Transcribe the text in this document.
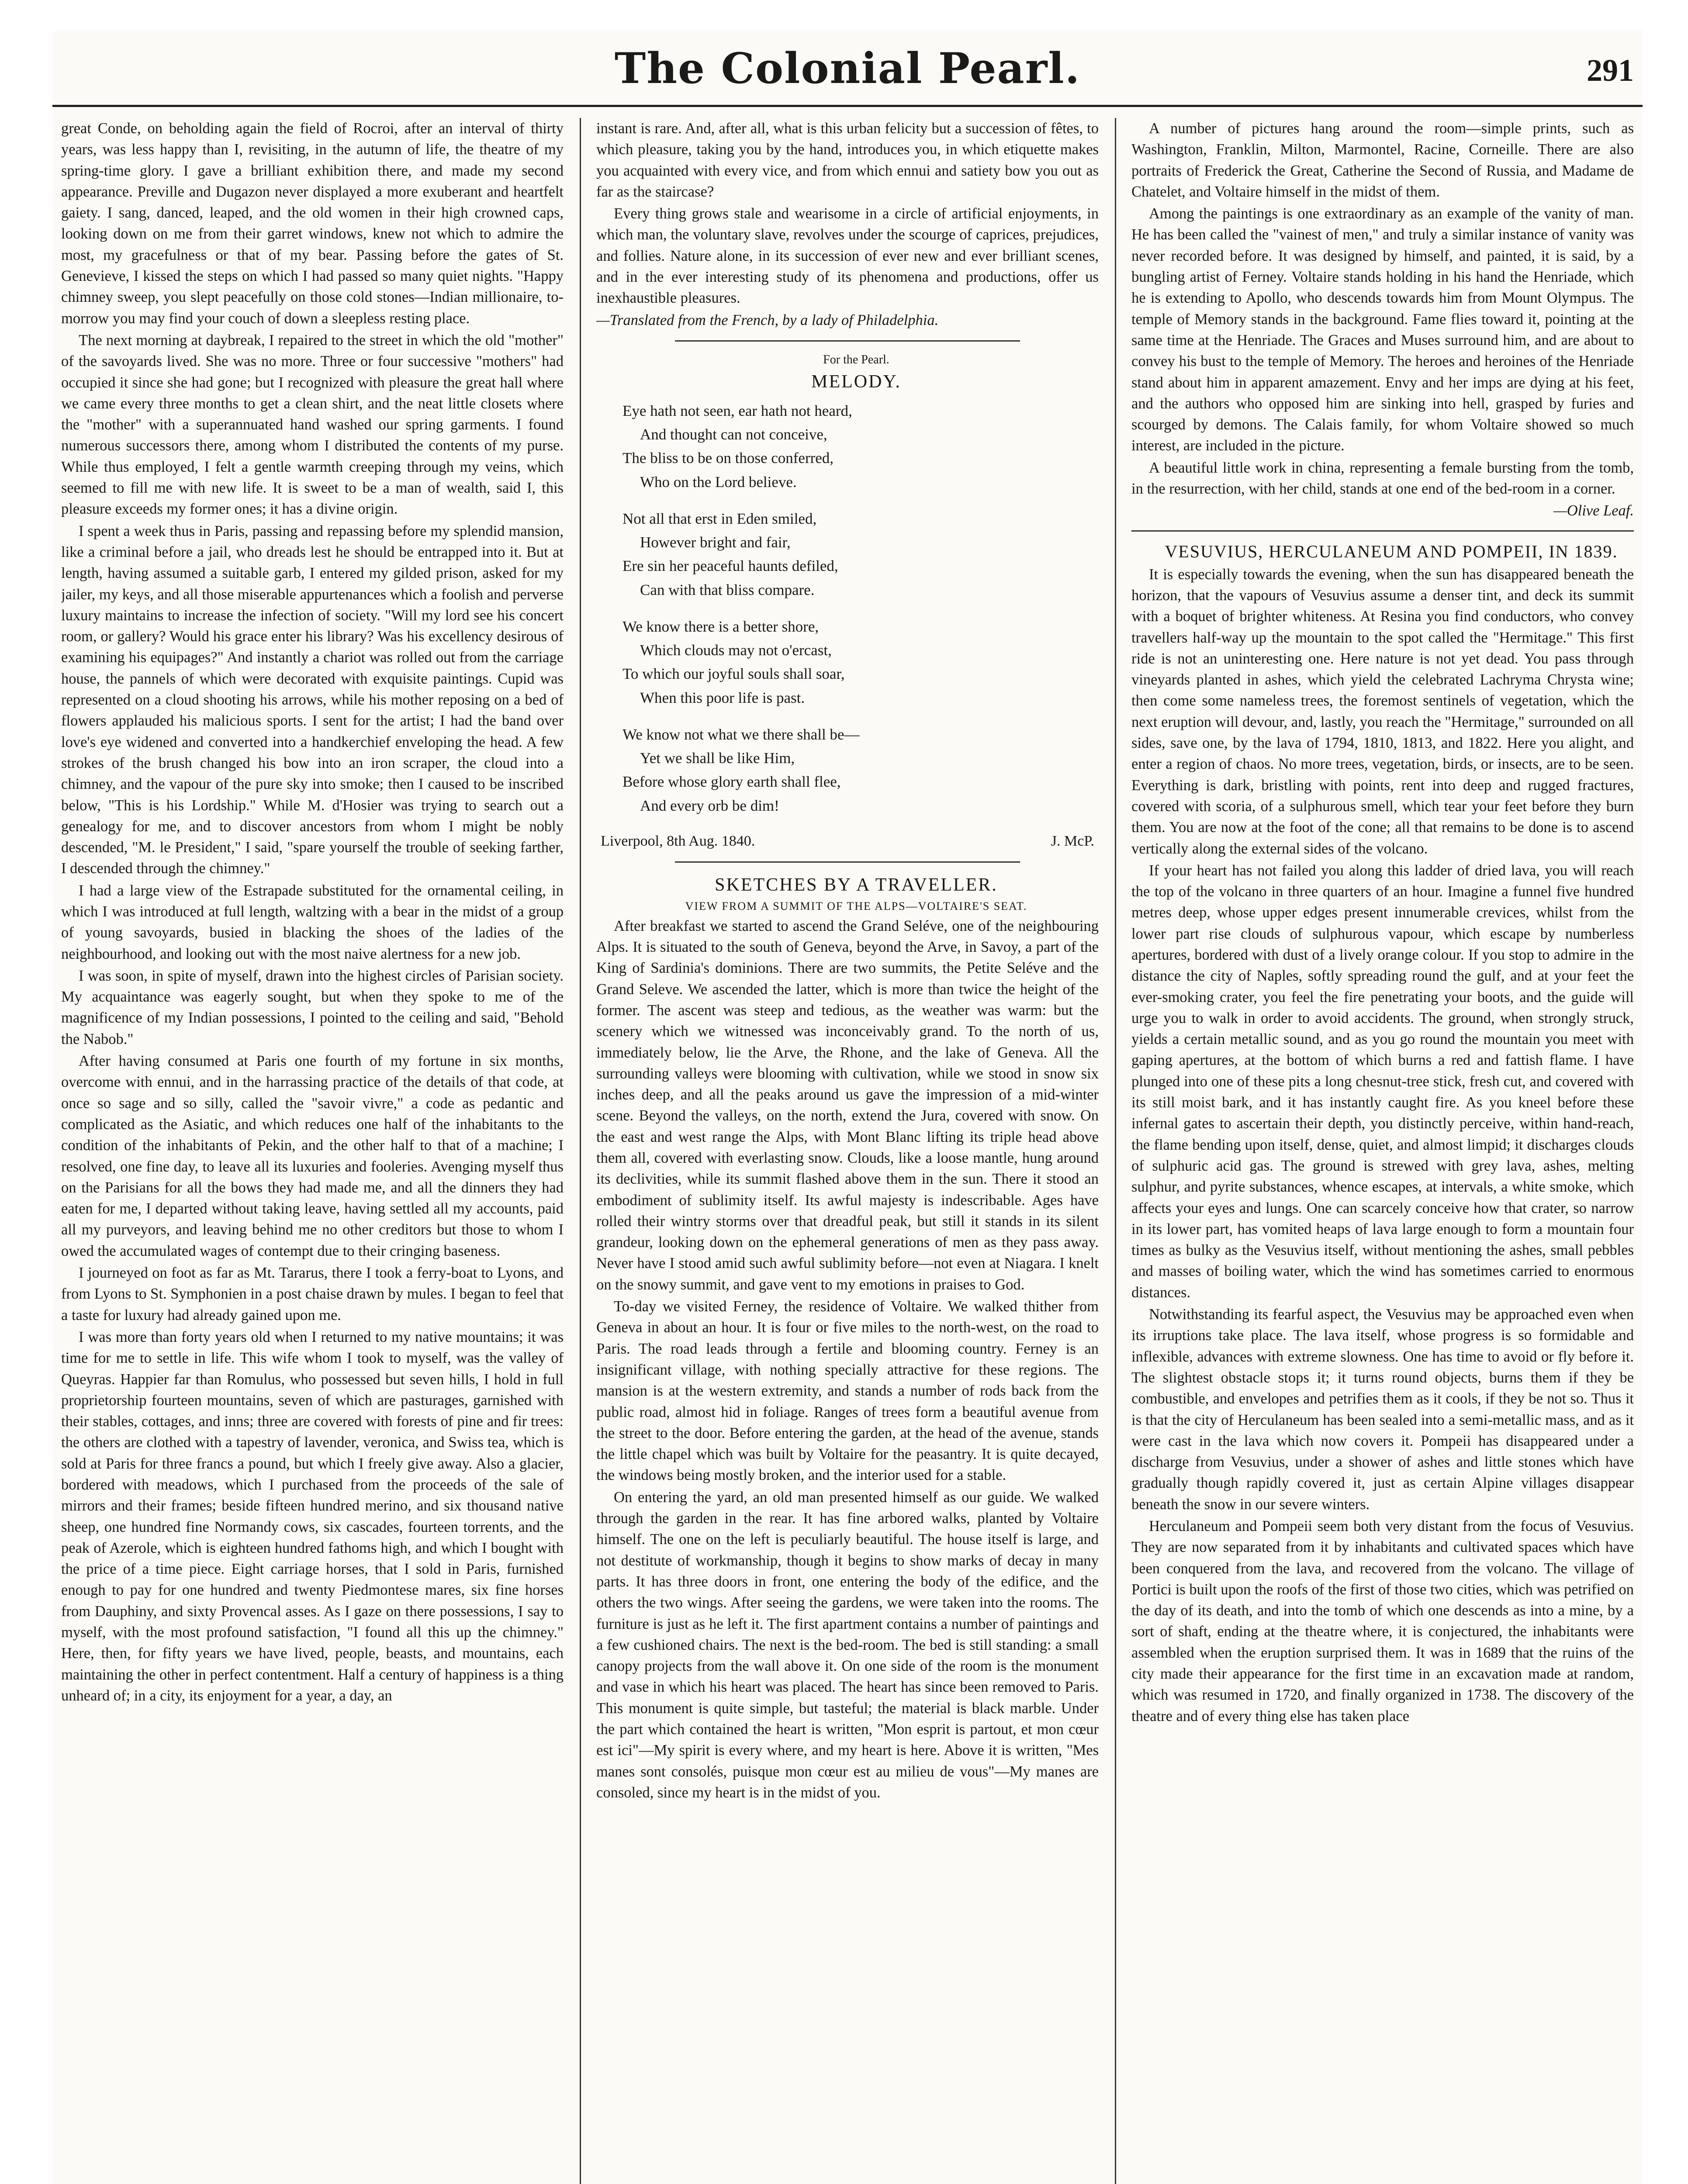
The Colonial Pearl.	291

great Conde, on beholding again the field of Rocroi, after an interval of thirty years, was less happy than I, revisiting, in the autumn of life, the theatre of my spring-time glory. I gave a brilliant exhibition there, and made my second appearance. Preville and Dugazon never displayed a more exuberant and heartfelt gaiety. I sang, danced, leaped, and the old women in their high crowned caps, looking down on me from their garret windows, knew not which to admire the most, my gracefulness or that of my bear. Passing before the gates of St. Genevieve, I kissed the steps on which I had passed so many quiet nights. "Happy chimney sweep, you slept peacefully on those cold stones—Indian millionaire, to-morrow you may find your couch of down a sleepless resting place.

The next morning at daybreak, I repaired to the street in which the old "mother" of the savoyards lived. She was no more. Three or four successive "mothers" had occupied it since she had gone; but I recognized with pleasure the great hall where we came every three months to get a clean shirt, and the neat little closets where the "mother" with a superannuated hand washed our spring garments. I found numerous successors there, among whom I distributed the contents of my purse. While thus employed, I felt a gentle warmth creeping through my veins, which seemed to fill me with new life. It is sweet to be a man of wealth, said I, this pleasure exceeds my former ones; it has a divine origin.

I spent a week thus in Paris, passing and repassing before my splendid mansion, like a criminal before a jail, who dreads lest he should be entrapped into it. But at length, having assumed a suitable garb, I entered my gilded prison, asked for my jailer, my keys, and all those miserable appurtenances which a foolish and perverse luxury maintains to increase the infection of society. "Will my lord see his concert room, or gallery? Would his grace enter his library? Was his excellency desirous of examining his equipages?" And instantly a chariot was rolled out from the carriage house, the pannels of which were decorated with exquisite paintings. Cupid was represented on a cloud shooting his arrows, while his mother reposing on a bed of flowers applauded his malicious sports. I sent for the artist; I had the band over love's eye widened and converted into a handkerchief enveloping the head. A few strokes of the brush changed his bow into an iron scraper, the cloud into a chimney, and the vapour of the pure sky into smoke; then I caused to be inscribed below, "This is his Lordship." While M. d'Hosier was trying to search out a genealogy for me, and to discover ancestors from whom I might be nobly descended, "M. le President," I said, "spare yourself the trouble of seeking farther, I descended through the chimney."

I had a large view of the Estrapade substituted for the ornamental ceiling, in which I was introduced at full length, waltzing with a bear in the midst of a group of young savoyards, busied in blacking the shoes of the ladies of the neighbourhood, and looking out with the most naive alertness for a new job.

I was soon, in spite of myself, drawn into the highest circles of Parisian society. My acquaintance was eagerly sought, but when they spoke to me of the magnificence of my Indian possessions, I pointed to the ceiling and said, "Behold the Nabob."

After having consumed at Paris one fourth of my fortune in six months, overcome with ennui, and in the harrassing practice of the details of that code, at once so sage and so silly, called the "savoir vivre," a code as pedantic and complicated as the Asiatic, and which reduces one half of the inhabitants to the condition of the inhabitants of Pekin, and the other half to that of a machine; I resolved, one fine day, to leave all its luxuries and fooleries. Avenging myself thus on the Parisians for all the bows they had made me, and all the dinners they had eaten for me, I departed without taking leave, having settled all my accounts, paid all my purveyors, and leaving behind me no other creditors but those to whom I owed the accumulated wages of contempt due to their cringing baseness.

I journeyed on foot as far as Mt. Tararus, there I took a ferry-boat to Lyons, and from Lyons to St. Symphonien in a post chaise drawn by mules. I began to feel that a taste for luxury had already gained upon me.

I was more than forty years old when I returned to my native mountains; it was time for me to settle in life. This wife whom I took to myself, was the valley of Queyras. Happier far than Romulus, who possessed but seven hills, I hold in full proprietorship fourteen mountains, seven of which are pasturages, garnished with their stables, cottages, and inns; three are covered with forests of pine and fir trees: the others are clothed with a tapestry of lavender, veronica, and Swiss tea, which is sold at Paris for three francs a pound, but which I freely give away. Also a glacier, bordered with meadows, which I purchased from the proceeds of the sale of mirrors and their frames; beside fifteen hundred merino, and six thousand native sheep, one hundred fine Normandy cows, six cascades, fourteen torrents, and the peak of Azerole, which is eighteen hundred fathoms high, and which I bought with the price of a time piece. Eight carriage horses, that I sold in Paris, furnished enough to pay for one hundred and twenty Piedmontese mares, six fine horses from Dauphiny, and sixty Provencal asses. As I gaze on there possessions, I say to myself, with the most profound satisfaction, "I found all this up the chimney." Here, then, for fifty years we have lived, people, beasts, and mountains, each maintaining the other in perfect contentment. Half a century of happiness is a thing unheard of; in a city, its enjoyment for a year, a day, an

instant is rare. And, after all, what is this urban felicity but a succession of fêtes, to which pleasure, taking you by the hand, introduces you, in which etiquette makes you acquainted with every vice, and from which ennui and satiety bow you out as far as the staircase?

Every thing grows stale and wearisome in a circle of artificial enjoyments, in which man, the voluntary slave, revolves under the scourge of caprices, prejudices, and follies. Nature alone, in its succession of ever new and ever brilliant scenes, and in the ever interesting study of its phenomena and productions, offer us inexhaustible pleasures.

—Translated from the French, by a lady of Philadelphia.

For the Pearl.

MELODY.

Eye hath not seen, ear hath not heard,

And thought can not conceive,

The bliss to be on those conferred,

Who on the Lord believe.

Not all that erst in Eden smiled,

However bright and fair,

Ere sin her peaceful haunts defiled,

Can with that bliss compare.

We know there is a better shore,

Which clouds may not o'ercast,

To which our joyful souls shall soar,

When this poor life is past.

We know not what we there shall be—

Yet we shall be like Him,

Before whose glory earth shall flee,

And every orb be dim!

Liverpool, 8th Aug. 1840.	J. McP.

SKETCHES BY A TRAVELLER.

VIEW FROM A SUMMIT OF THE ALPS—VOLTAIRE'S SEAT.

After breakfast we started to ascend the Grand Seléve, one of the neighbouring Alps. It is situated to the south of Geneva, beyond the Arve, in Savoy, a part of the King of Sardinia's dominions. There are two summits, the Petite Seléve and the Grand Seleve. We ascended the latter, which is more than twice the height of the former. The ascent was steep and tedious, as the weather was warm: but the scenery which we witnessed was inconceivably grand. To the north of us, immediately below, lie the Arve, the Rhone, and the lake of Geneva. All the surrounding valleys were blooming with cultivation, while we stood in snow six inches deep, and all the peaks around us gave the impression of a mid-winter scene. Beyond the valleys, on the north, extend the Jura, covered with snow. On the east and west range the Alps, with Mont Blanc lifting its triple head above them all, covered with everlasting snow. Clouds, like a loose mantle, hung around its declivities, while its summit flashed above them in the sun. There it stood an embodiment of sublimity itself. Its awful majesty is indescribable. Ages have rolled their wintry storms over that dreadful peak, but still it stands in its silent grandeur, looking down on the ephemeral generations of men as they pass away. Never have I stood amid such awful sublimity before—not even at Niagara. I knelt on the snowy summit, and gave vent to my emotions in praises to God.

To-day we visited Ferney, the residence of Voltaire. We walked thither from Geneva in about an hour. It is four or five miles to the north-west, on the road to Paris. The road leads through a fertile and blooming country. Ferney is an insignificant village, with nothing specially attractive for these regions. The mansion is at the western extremity, and stands a number of rods back from the public road, almost hid in foliage. Ranges of trees form a beautiful avenue from the street to the door. Before entering the garden, at the head of the avenue, stands the little chapel which was built by Voltaire for the peasantry. It is quite decayed, the windows being mostly broken, and the interior used for a stable.

On entering the yard, an old man presented himself as our guide. We walked through the garden in the rear. It has fine arbored walks, planted by Voltaire himself. The one on the left is peculiarly beautiful. The house itself is large, and not destitute of workmanship, though it begins to show marks of decay in many parts. It has three doors in front, one entering the body of the edifice, and the others the two wings. After seeing the gardens, we were taken into the rooms. The furniture is just as he left it. The first apartment contains a number of paintings and a few cushioned chairs. The next is the bed-room. The bed is still standing: a small canopy projects from the wall above it. On one side of the room is the monument and vase in which his heart was placed. The heart has since been removed to Paris. This monument is quite simple, but tasteful; the material is black marble. Under the part which contained the heart is written, "Mon esprit is partout, et mon cœur est ici"—My spirit is every where, and my heart is here. Above it is written, "Mes manes sont consolés, puisque mon cœur est au milieu de vous"—My manes are consoled, since my heart is in the midst of you.

A number of pictures hang around the room—simple prints, such as Washington, Franklin, Milton, Marmontel, Racine, Corneille. There are also portraits of Frederick the Great, Catherine the Second of Russia, and Madame de Chatelet, and Voltaire himself in the midst of them.

Among the paintings is one extraordinary as an example of the vanity of man. He has been called the "vainest of men," and truly a similar instance of vanity was never recorded before. It was designed by himself, and painted, it is said, by a bungling artist of Ferney. Voltaire stands holding in his hand the Henriade, which he is extending to Apollo, who descends towards him from Mount Olympus. The temple of Memory stands in the background. Fame flies toward it, pointing at the same time at the Henriade. The Graces and Muses surround him, and are about to convey his bust to the temple of Memory. The heroes and heroines of the Henriade stand about him in apparent amazement. Envy and her imps are dying at his feet, and the authors who opposed him are sinking into hell, grasped by furies and scourged by demons. The Calais family, for whom Voltaire showed so much interest, are included in the picture.

A beautiful little work in china, representing a female bursting from the tomb, in the resurrection, with her child, stands at one end of the bed-room in a corner.

—Olive Leaf.

VESUVIUS, HERCULANEUM AND POMPEII, IN 1839.

It is especially towards the evening, when the sun has disappeared beneath the horizon, that the vapours of Vesuvius assume a denser tint, and deck its summit with a boquet of brighter whiteness. At Resina you find conductors, who convey travellers half-way up the mountain to the spot called the "Hermitage." This first ride is not an uninteresting one. Here nature is not yet dead. You pass through vineyards planted in ashes, which yield the celebrated Lachryma Chrysta wine; then come some nameless trees, the foremost sentinels of vegetation, which the next eruption will devour, and, lastly, you reach the "Hermitage," surrounded on all sides, save one, by the lava of 1794, 1810, 1813, and 1822. Here you alight, and enter a region of chaos. No more trees, vegetation, birds, or insects, are to be seen. Everything is dark, bristling with points, rent into deep and rugged fractures, covered with scoria, of a sulphurous smell, which tear your feet before they burn them. You are now at the foot of the cone; all that remains to be done is to ascend vertically along the external sides of the volcano.

If your heart has not failed you along this ladder of dried lava, you will reach the top of the volcano in three quarters of an hour. Imagine a funnel five hundred metres deep, whose upper edges present innumerable crevices, whilst from the lower part rise clouds of sulphurous vapour, which escape by numberless apertures, bordered with dust of a lively orange colour. If you stop to admire in the distance the city of Naples, softly spreading round the gulf, and at your feet the ever-smoking crater, you feel the fire penetrating your boots, and the guide will urge you to walk in order to avoid accidents. The ground, when strongly struck, yields a certain metallic sound, and as you go round the mountain you meet with gaping apertures, at the bottom of which burns a red and fattish flame. I have plunged into one of these pits a long chesnut-tree stick, fresh cut, and covered with its still moist bark, and it has instantly caught fire. As you kneel before these infernal gates to ascertain their depth, you distinctly perceive, within hand-reach, the flame bending upon itself, dense, quiet, and almost limpid; it discharges clouds of sulphuric acid gas. The ground is strewed with grey lava, ashes, melting sulphur, and pyrite substances, whence escapes, at intervals, a white smoke, which affects your eyes and lungs. One can scarcely conceive how that crater, so narrow in its lower part, has vomited heaps of lava large enough to form a mountain four times as bulky as the Vesuvius itself, without mentioning the ashes, small pebbles and masses of boiling water, which the wind has sometimes carried to enormous distances.

Notwithstanding its fearful aspect, the Vesuvius may be approached even when its irruptions take place. The lava itself, whose progress is so formidable and inflexible, advances with extreme slowness. One has time to avoid or fly before it. The slightest obstacle stops it; it turns round objects, burns them if they be combustible, and envelopes and petrifies them as it cools, if they be not so. Thus it is that the city of Herculaneum has been sealed into a semi-metallic mass, and as it were cast in the lava which now covers it. Pompeii has disappeared under a discharge from Vesuvius, under a shower of ashes and little stones which have gradually though rapidly covered it, just as certain Alpine villages disappear beneath the snow in our severe winters.

Herculaneum and Pompeii seem both very distant from the focus of Vesuvius. They are now separated from it by inhabitants and cultivated spaces which have been conquered from the lava, and recovered from the volcano. The village of Portici is built upon the roofs of the first of those two cities, which was petrified on the day of its death, and into the tomb of which one descends as into a mine, by a sort of shaft, ending at the theatre where, it is conjectured, the inhabitants were assembled when the eruption surprised them. It was in 1689 that the ruins of the city made their appearance for the first time in an excavation made at random, which was resumed in 1720, and finally organized in 1738. The discovery of the theatre and of every thing else has taken place
